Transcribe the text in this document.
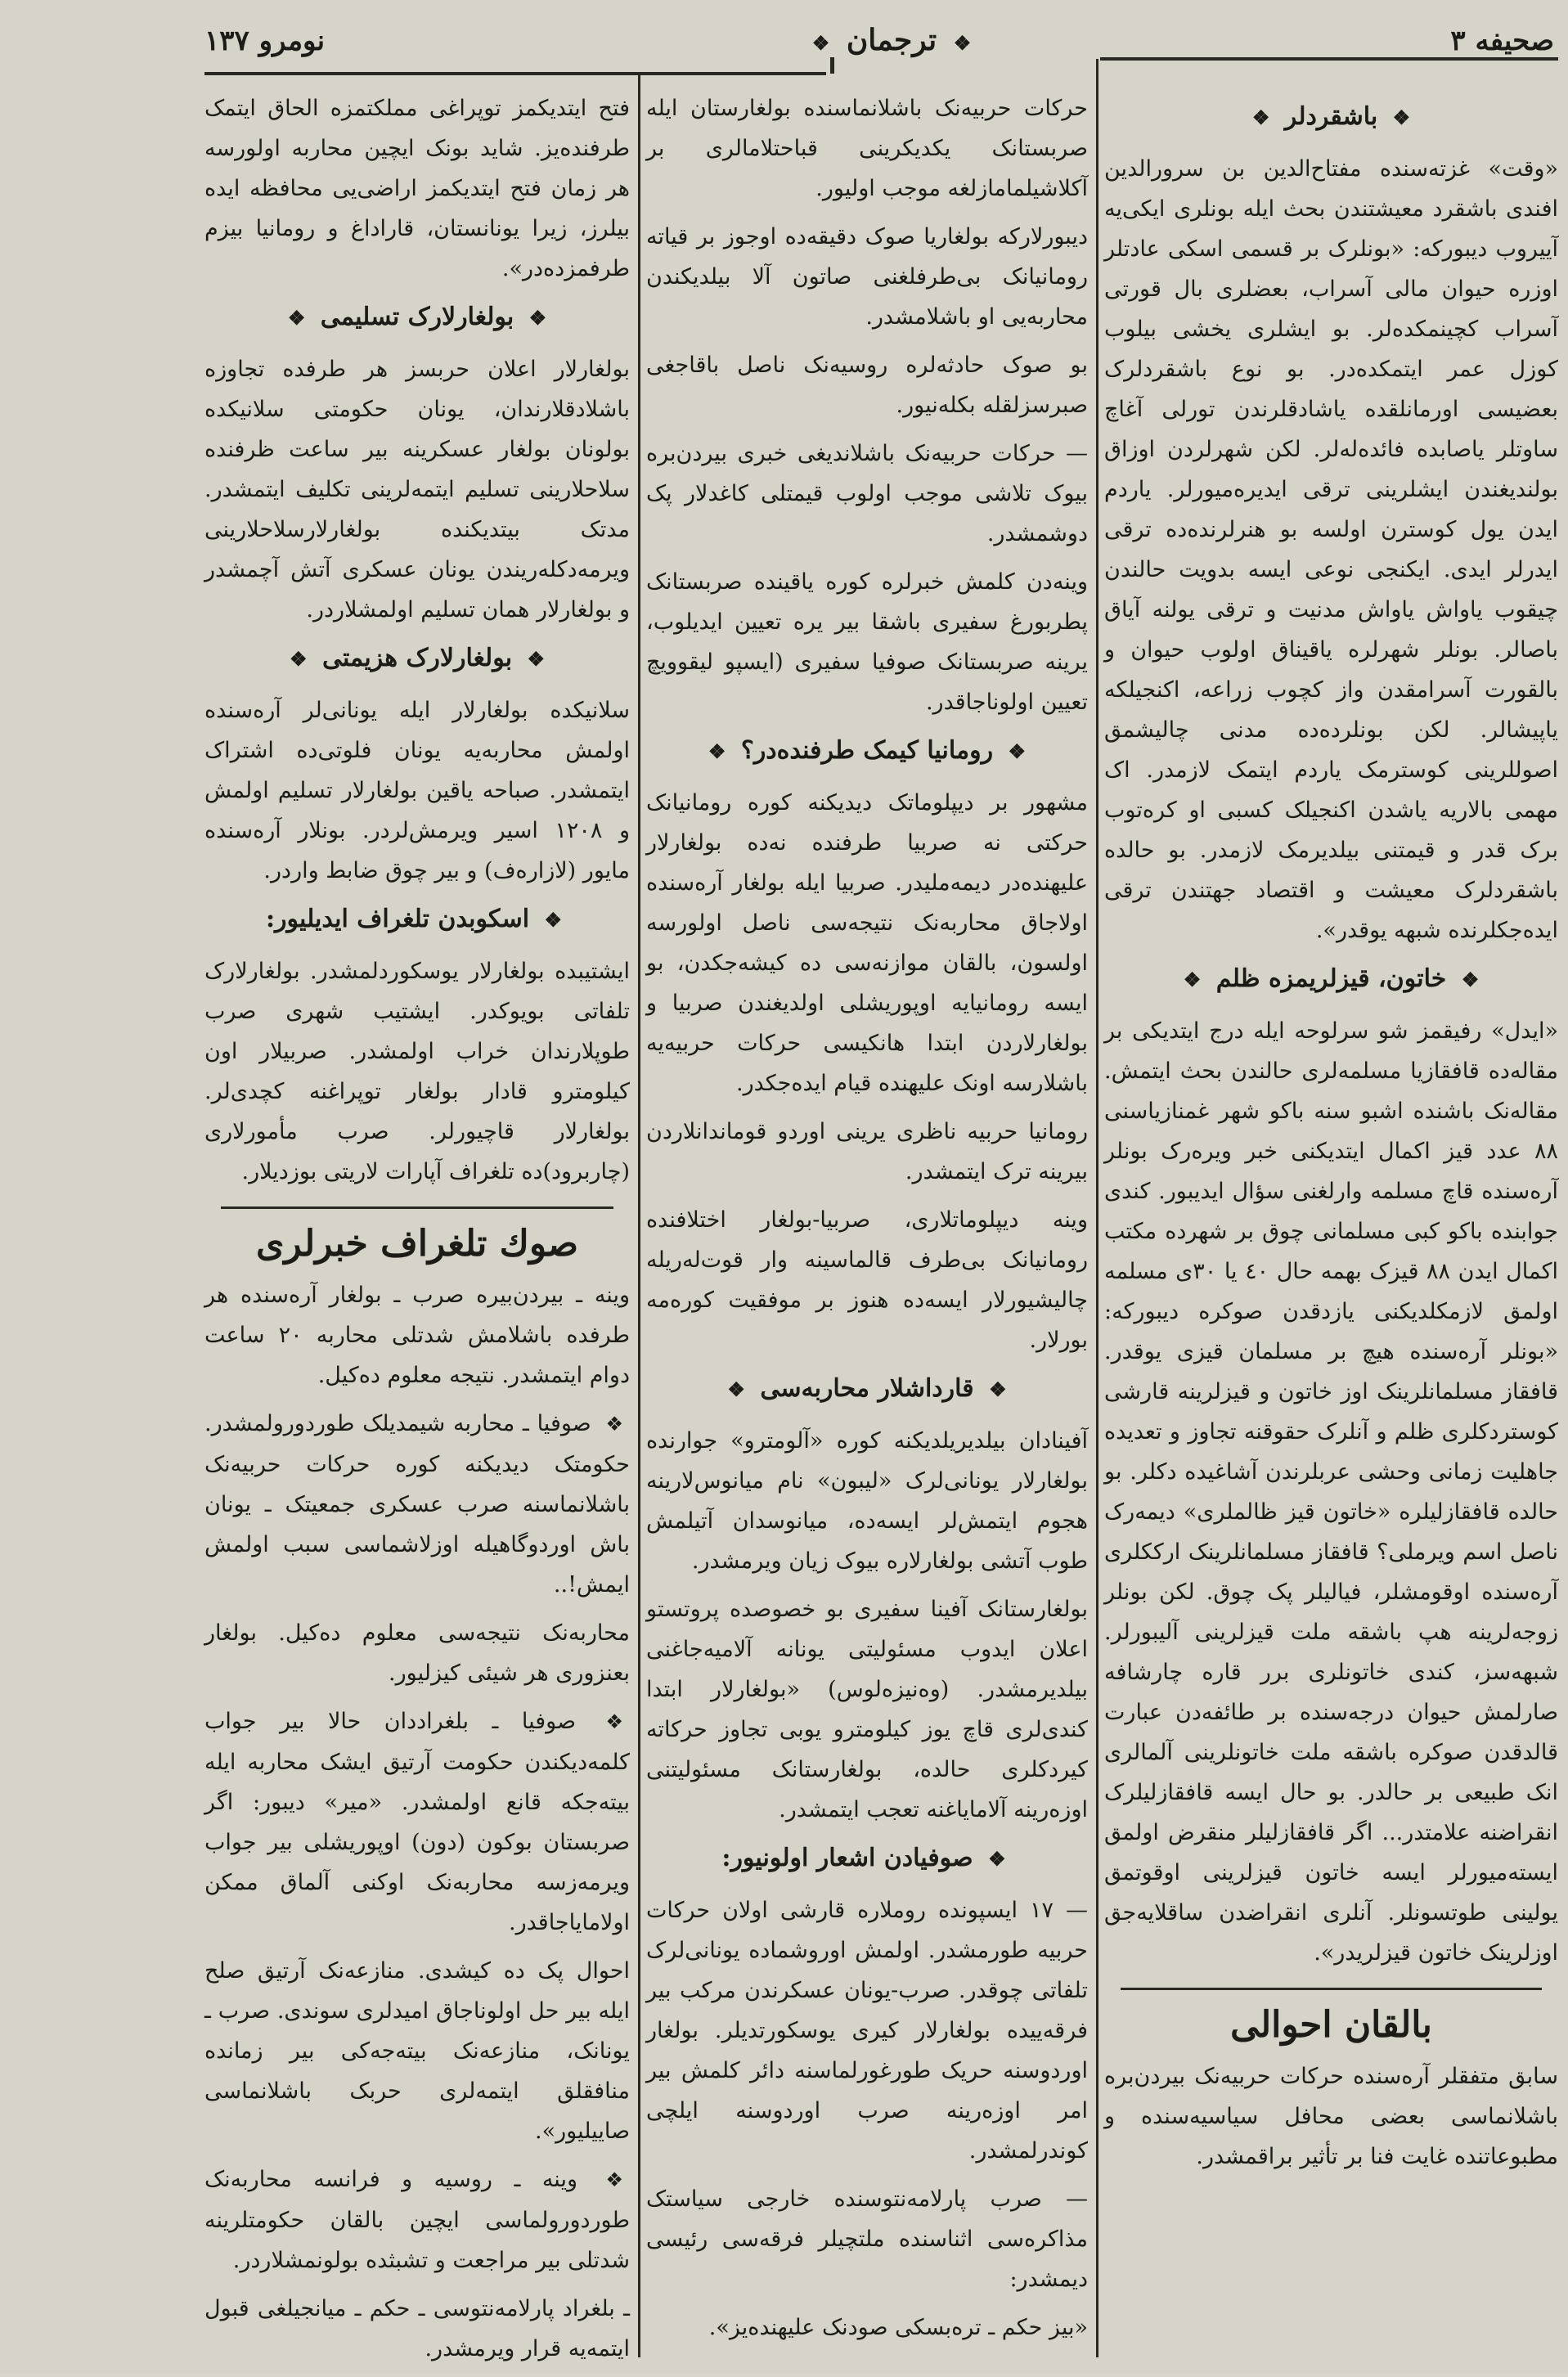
صحیفه ٣
❖ ترجمان ❖
نومرو ١٣٧
❖ باشقردلر ❖

«وقت» غزته‌سنده مفتاح‌الدین بن سرورالدین افندی باشقرد معیشتندن بحث ایله بونلری ایکی‌یه آییروب دیبورکه: «بونلرک بر قسمی اسکی عادتلر اوزره حیوان مالی آسراب، بعضلری بال قورتی آسراب کچینمکده‌لر. بو ایشلری یخشی بیلوب کوزل عمر ایتمکده‌در. بو نوع باشقردلرک بعضیسی اورمانلقده یاشادقلرندن تورلی آغاچ ساوتلر یاصابده فائده‌له‌لر. لکن شهرلردن اوزاق بولندیغندن ایشلرینی ترقی ایدیره‌میورلر. یاردم ایدن یول کوسترن اولسه بو هنرلرنده‌ده ترقی ایدرلر ایدی. ایکنجی نوعی ایسه بدویت حالندن چیقوب یاواش یاواش مدنیت و ترقی یولنه آیاق باصالر. بونلر شهرلره یاقیناق اولوب حیوان و بالقورت آسرامقدن واز کچوب زراعه، اکنجیلکه یاپیشالر. لکن بونلرده‌ده مدنی چالیشمق اصوللرینی کوسترمک یاردم ایتمک لازمدر. اک مهمی بالاریه یاشدن اکنجیلک کسبی او کره‌توب برک قدر و قیمتنی بیلدیرمک لازمدر. بو حالده باشقردلرک معیشت و اقتصاد جهتندن ترقی ایده‌جکلرنده شبهه یوقدر».

❖ خاتون، قیزلریمزه ظلم ❖

«ایدل» رفیقمز شو سرلوحه ایله درج ایتدیکی بر مقاله‌ده قافقازیا مسلمه‌لری حالندن بحث ایتمش. مقاله‌نک باشنده اشبو سنه باکو شهر غمنازیاسنی ٨٨ عدد قیز اکمال ایتدیکنی خبر ویره‌رک بونلر آره‌سنده قاچ مسلمه وارلغنی سؤال ایدیبور. کندی جوابنده باکو کبی مسلمانی چوق بر شهرده مکتب اکمال ایدن ٨٨ قیزک بهمه حال ٤٠ یا ٣٠ی مسلمه اولمق لازمکلدیکنی یازدقدن صوکره دیبورکه: «بونلر آره‌سنده هیچ بر مسلمان قیزی یوقدر. قافقاز مسلمانلرینک اوز خاتون و قیزلرینه قارشی کوستردکلری ظلم و آنلرک حقوقنه تجاوز و تعدیده جاهلیت زمانی وحشی عربلرندن آشاغیده دکلر. بو حالده قافقازلیلره «خاتون قیز ظالملری» دیمه‌رک ناصل اسم ویرملی؟ قافقاز مسلمانلرینک ارککلری آره‌سنده اوقومشلر، فیالیلر پک چوق. لکن بونلر زوجه‌لرینه هپ باشقه ملت قیزلرینی آلیبورلر. شبهه‌سز، کندی خاتونلری برر قاره چارشافه صارلمش حیوان درجه‌سنده بر طائفه‌دن عبارت قالدقدن صوکره باشقه ملت خاتونلرینی آلمالری انک طبیعی بر حالدر. بو حال ایسه قافقازلیلرک انقراضنه علامتدر... اگر قافقازلیلر منقرض اولمق ایسته‌میورلر ایسه خاتون قیزلرینی اوقوتمق یولینی طوتسونلر. آنلری انقراضدن ساقلایه‌جق اوزلرینک خاتون قیزلریدر».

بالقان احوالی

سابق متفقلر آره‌سنده حرکات حربیه‌نک بیردن‌بره باشلانماسی بعضی محافل سیاسیه‌سنده و مطبوعاتنده غایت فنا بر تأثیر براقمشدر.

حرکات حربیه‌نک باشلانماسنده بولغارستان ایله صربستانک یکدیکرینی قباحتلامالری بر آکلاشیلمامازلغه موجب اولیور.

دیبورلارکه بولغاریا صوک دقیقه‌ده اوجوز بر قیاته رومانیانک بی‌طرفلغنی صاتون آلا بیلدیکندن محاربه‌یی او باشلامشدر.

بو صوک حادثه‌لره روسیه‌نک ناصل باقاجغی صبرسزلقله بکله‌نیور.

— حرکات حربیه‌نک باشلاندیغی خبری بیردن‌بره بیوک تلاشی موجب اولوب قیمتلی کاغدلار پک دوشمشدر.

وینه‌دن کلمش خبرلره کوره یاقینده صربستانک پطربورغ سفیری باشقا بیر یره تعیین ایدیلوب، یرینه صربستانک صوفیا سفیری (ایسپو لیقوویچ تعیین اولوناجاقدر.

❖ رومانیا کیمک طرفنده‌در؟ ❖

مشهور بر دیپلوماتک دیدیکنه کوره رومانیانک حرکتی نه صربیا طرفنده نه‌ده بولغارلار علیهنده‌در دیمه‌ملیدر. صربیا ایله بولغار آره‌سنده اولاجاق محاربه‌نک نتیجه‌سی ناصل اولورسه اولسون، بالقان موازنه‌سی ده کیشه‌جکدن، بو ایسه رومانیایه اوپوریشلی اولدیغندن صربیا و بولغارلاردن ابتدا هانکیسی حرکات حربیه‌یه باشلارسه اونک علیهنده قیام ایده‌جکدر.

رومانیا حربیه ناظری یرینی اوردو قوماندانلاردن بیرینه ترک ایتمشدر.

وینه دیپلوماتلاری، صربیا-بولغار اختلافنده رومانیانک بی‌طرف قالماسینه وار قوت‌له‌ریله چالیشیورلار ایسه‌ده هنوز بر موفقیت کوره‌مه بورلار.

❖ قارداشلار محاربه‌سی ❖

آفینادان بیلدیریلدیکنه کوره «آلومترو» جوارنده بولغارلار یونانی‌لرک «لیبون» نام میانوس‌لارینه هجوم ایتمش‌لر ایسه‌ده، میانوسدان آتیلمش طوب آتشی بولغارلاره بیوک زیان ویرمشدر.

بولغارستانک آفینا سفیری بو خصوصده پروتستو اعلان ایدوب مسئولیتی یونانه آلامیه‌جاغنی بیلدیرمشدر. (وه‌نیزه‌لوس) «بولغارلار ابتدا کندی‌لری قاچ یوز کیلومترو یوبی تجاوز حرکاته کیردکلری حالده، بولغارستانک مسئولیتنی اوزه‌رینه آلامایاغنه تعجب ایتمشدر.

❖ صوفیادن اشعار اولونیور:

— ١٧ ایسپونده روملاره قارشی اولان حرکات حربیه طورمشدر. اولمش اوروشماده یونانی‌لرک تلفاتی چوقدر. صرب-یونان عسکرندن مرکب بیر فرقه‌ییده بولغارلار کیری یوسکورتدیلر. بولغار اوردوسنه حریک طورغورلماسنه دائر کلمش بیر امر اوزه‌رینه صرب اوردوسنه ایلچی کوندرلمشدر.

— صرب پارلامه‌نتوسنده خارجی سیاستک مذاکره‌سی اثناسنده ملتچیلر فرقه‌سی رئیسی دیمشدر:

«بیز حکم ـ تره‌بسکی صودنک علیهنده‌یز».

فتح ایتدیکمز توپراغی مملکتمزه الحاق ایتمک طرفنده‌یز. شاید بونک ایچین محاربه اولورسه هر زمان فتح ایتدیکمز اراضی‌یی محافظه ایده بیلرز، زیرا یونانستان، قاراداغ و رومانیا بیزم طرفمزده‌در».

❖ بولغارلارک تسلیمی ❖

بولغارلار اعلان حربسز هر طرفده تجاوزه باشلادقلارندان، یونان حکومتی سلانیکده بولونان بولغار عسکرینه بیر ساعت ظرفنده سلاحلارینی تسلیم ایتمه‌لرینی تکلیف ایتمشدر. مدتک بیتدیکنده بولغارلارسلاحلارینی ویرمه‌دکله‌ریندن یونان عسکری آتش آچمشدر و بولغارلار همان تسلیم اولمشلاردر.

❖ بولغارلارک هزیمتی ❖

سلانیکده بولغارلار ایله یونانی‌لر آره‌سنده اولمش محاربه‌یه یونان فلوتی‌ده اشتراک ایتمشدر. صباحه یاقین بولغارلار تسلیم اولمش و ١٢٠٨ اسیر ویرمش‌لردر. بونلار آره‌سنده مایور (لازاره‌ف) و بیر چوق ضابط واردر.

❖ اسکوبدن تلغراف ایدیلیور:

ایشتیبده بولغارلار یوسکوردلمشدر. بولغارلارک تلفاتی بویوکدر. ایشتیب شهری صرب طوپلارندان خراب اولمشدر. صربیلار اون کیلومترو قادار بولغار توپراغنه کچدی‌لر. بولغارلار قاچیورلر. صرب مأمورلاری (چاربرود)ده تلغراف آپارات لاریتی بوزدیلار.

صوك تلغراف خبرلری

وینه ـ بیردن‌بیره صرب ـ بولغار آره‌سنده هر طرفده باشلامش شدتلی محاربه ٢٠ ساعت دوام ایتمشدر. نتیجه معلوم ده‌کیل.

❖ صوفیا ـ محاربه شیمدیلک طوردورولمشدر. حکومتک دیدیکنه کوره حرکات حربیه‌نک باشلانماسنه صرب عسکری جمعیتک ـ یونان باش اوردوگاهیله اوزلاشماسی سبب اولمش ایمش!..

محاربه‌نک نتیجه‌سی معلوم ده‌کیل. بولغار بعنزوری هر شیئی کیزلیور.

❖ صوفیا ـ بلغراددان حالا بیر جواب کلمه‌دیکندن حکومت آرتیق ایشک محاربه ایله بیته‌جکه قانع اولمشدر. «میر» دیبور: اگر صربستان بوکون (دون) اوپوریشلی بیر جواب ویرمه‌زسه محاربه‌نک اوکنی آلماق ممکن اولامایاجاقدر.

احوال پک ده کیشدی. منازعه‌نک آرتیق صلح ایله بیر حل اولوناجاق امیدلری سوندی. صرب ـ یونانک، منازعه‌نک بیته‌جه‌کی بیر زمانده منافقلق ایتمه‌لری حربک باشلانماسی صاییلیور».

❖ وینه ـ روسیه و فرانسه محاربه‌نک طوردورولماسی ایچین بالقان حکومتلرینه شدتلی بیر مراجعت و تشبثده بولونمشلاردر.

ـ بلغراد پارلامه‌نتوسی ـ حکم ـ میانجیلغی قبول ایتمه‌یه قرار ویرمشدر.
